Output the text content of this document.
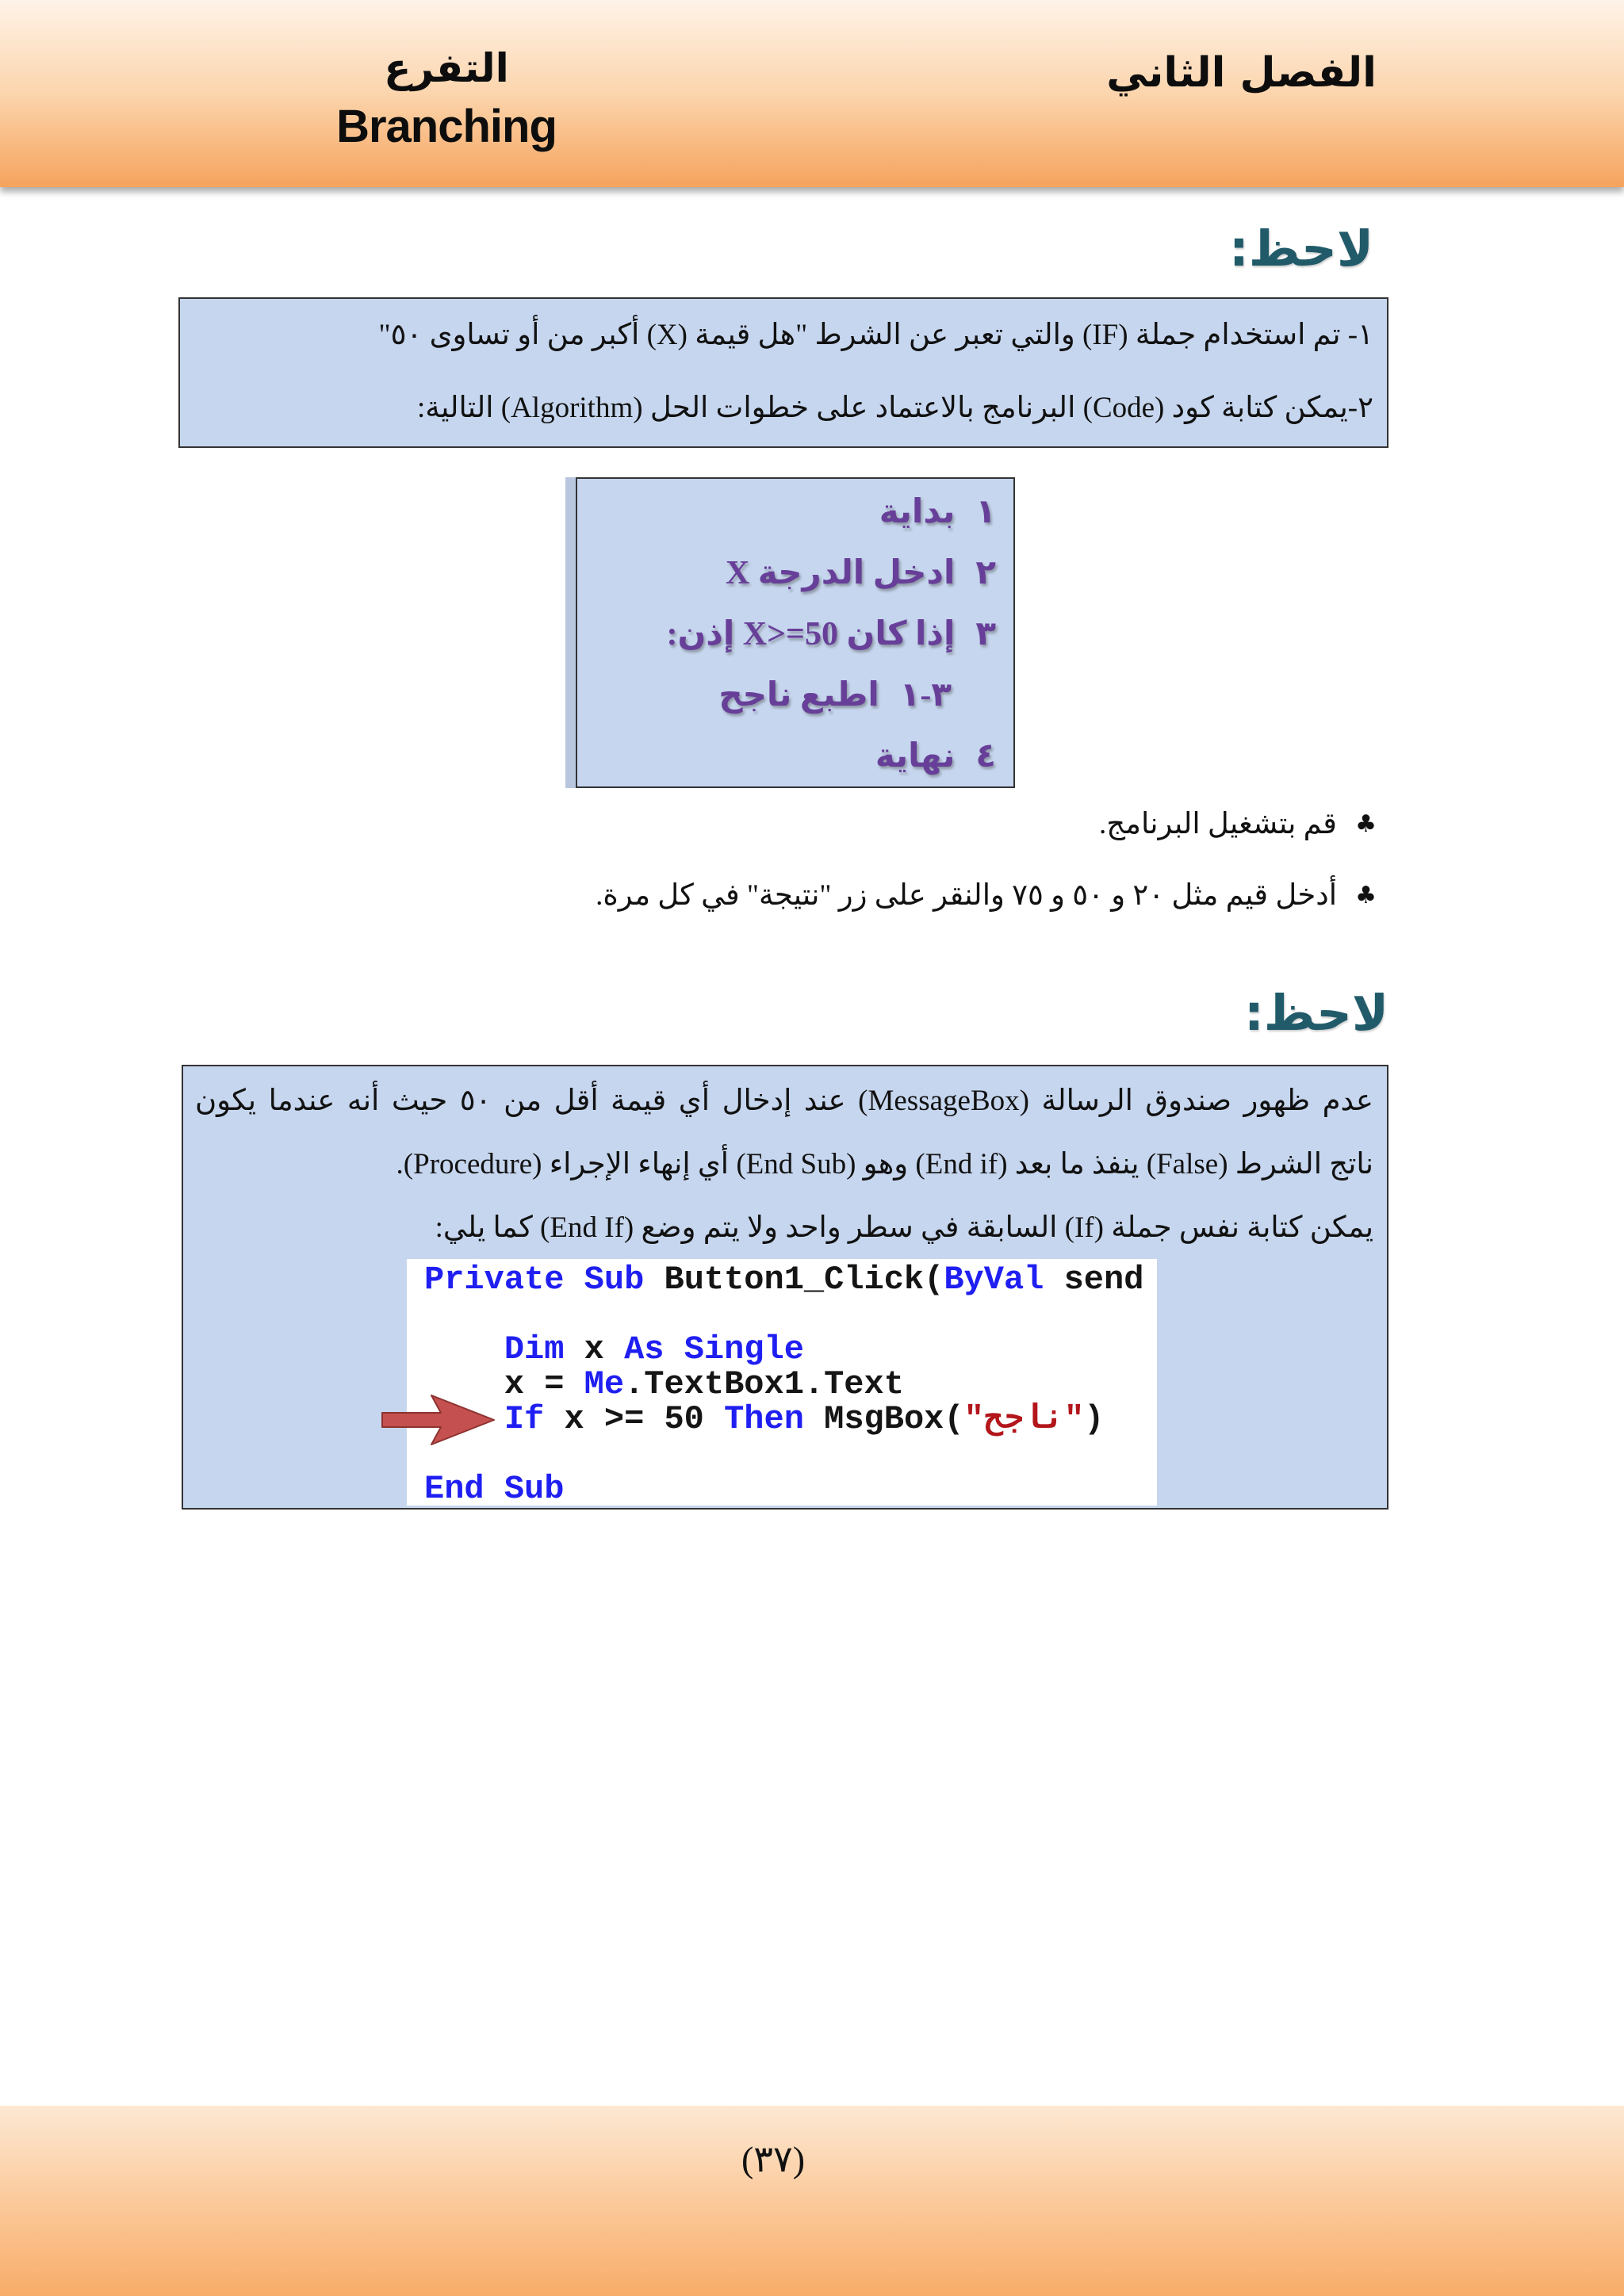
الفصل الثاني
التفرع
Branching
لاحظ:
١- تم استخدام جملة (IF) والتي تعبر عن الشرط "هل قيمة (X) أكبر من أو تساوى ٥٠"
٢-يمكن كتابة كود (Code) البرنامج بالاعتماد على خطوات الحل (Algorithm) التالية:
١بداية
٢ادخل الدرجة X
٣إذا كان X>=50 إذن:
٣-١اطبع ناجح
٤نهاية
♣
قم بتشغيل البرنامج.
♣
أدخل قيم مثل ٢٠ و ٥٠ و ٧٥ والنقر على زر "نتيجة" في كل مرة.
لاحظ:
عدم ظهور صندوق الرسالة (MessageBox) عند إدخال أي قيمة أقل من ٥٠ حيث أنه عندما يكون
ناتج الشرط (False) ينفذ ما بعد (End if) وهو (End Sub) أي إنهاء الإجراء (Procedure).
يمكن كتابة نفس جملة (If) السابقة في سطر واحد ولا يتم وضع (End If) كما يلي:
Private Sub Button1_Click(ByVal send
Dim x As Single
x = Me.TextBox1.Text
If x >= 50 Then MsgBox("ناجح")
End Sub
(٣٧)
